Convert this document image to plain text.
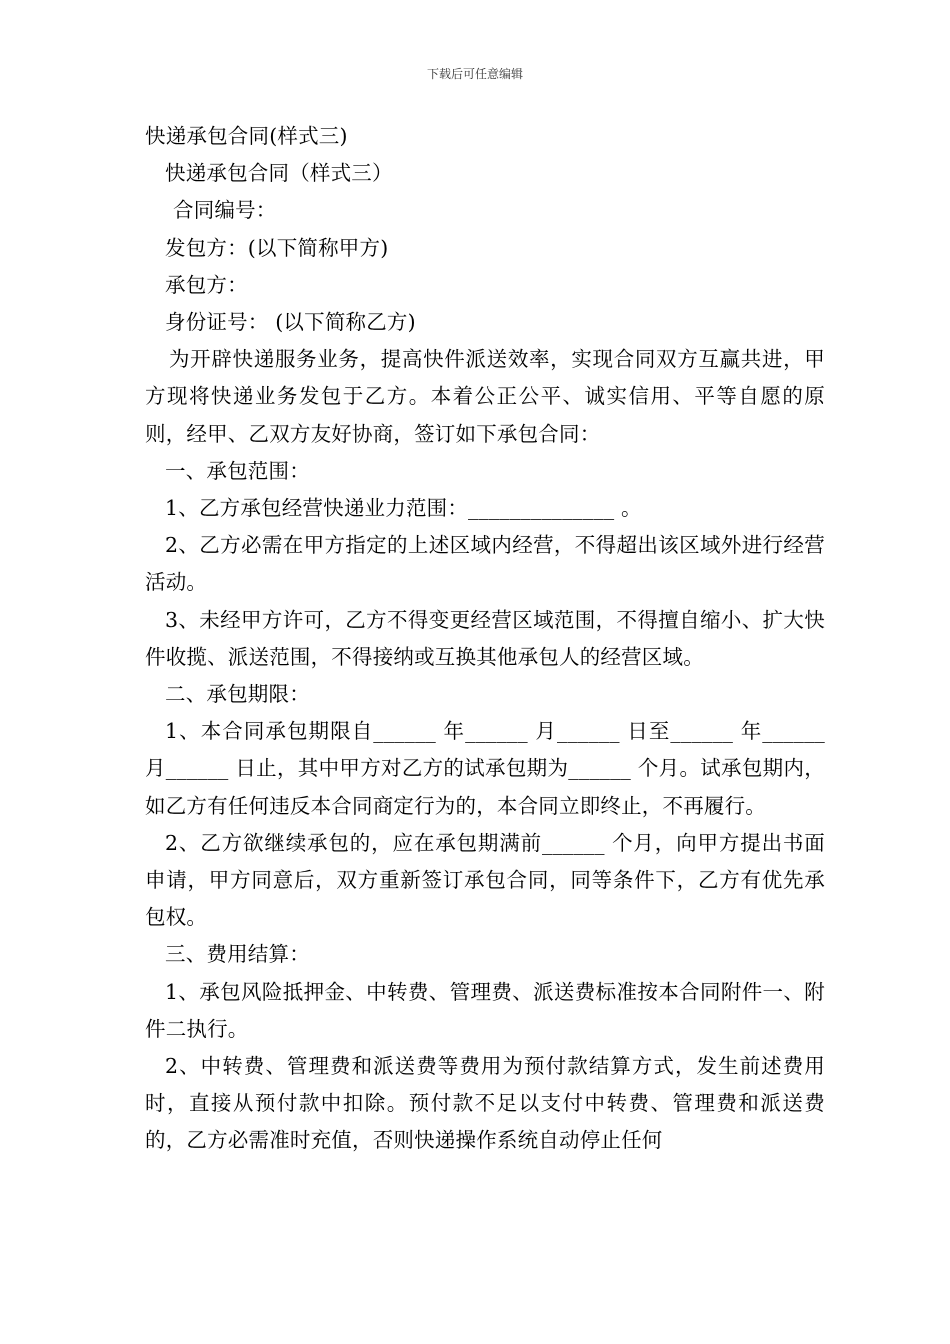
下载后可任意编辑
快递承包合同(样式三)
快递承包合同（样式三）
合同编号：
发包方：(以下简称甲方)
承包方：
身份证号： (以下简称乙方)
为开辟快递服务业务，提高快件派送效率，实现合同双方互赢共进，甲方现将快递业务发包于乙方。本着公正公平、诚实信用、平等自愿的原则，经甲、乙双方友好协商，签订如下承包合同：
一、承包范围：
1、乙方承包经营快递业力范围：______________ 。
2、乙方必需在甲方指定的上述区域内经营，不得超出该区域外进行经营活动。
3、未经甲方许可，乙方不得变更经营区域范围，不得擅自缩小、扩大快件收揽、派送范围，不得接纳或互换其他承包人的经营区域。
二、承包期限：
1、本合同承包期限自______ 年______ 月______ 日至______ 年______ 月______ 日止，其中甲方对乙方的试承包期为______ 个月。试承包期内，如乙方有任何违反本合同商定行为的，本合同立即终止，不再履行。
2、乙方欲继续承包的，应在承包期满前______ 个月，向甲方提出书面申请，甲方同意后，双方重新签订承包合同，同等条件下，乙方有优先承包权。
三、费用结算：
1、承包风险抵押金、中转费、管理费、派送费标准按本合同附件一、附件二执行。
2、中转费、管理费和派送费等费用为预付款结算方式，发生前述费用时，直接从预付款中扣除。预付款不足以支付中转费、管理费和派送费的，乙方必需准时充值，否则快递操作系统自动停止任何
